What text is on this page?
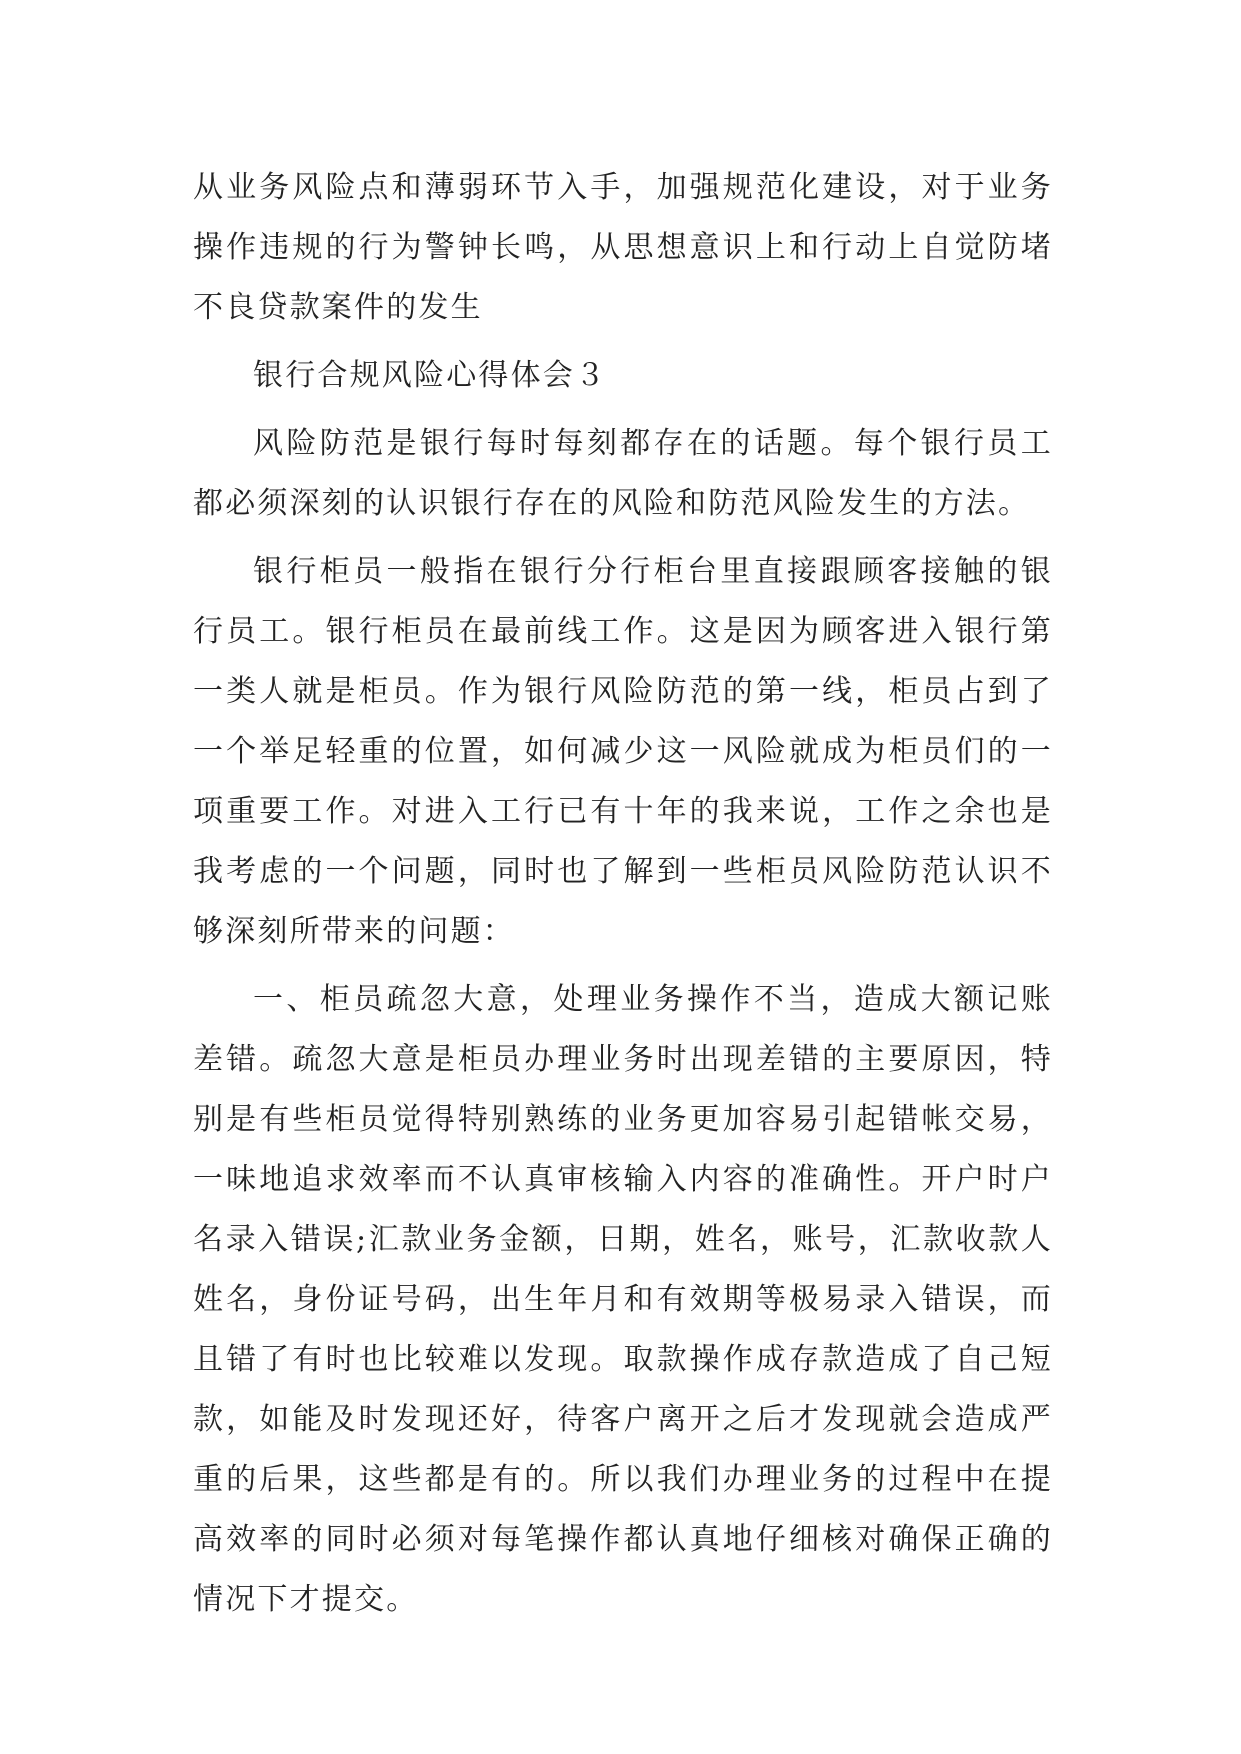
从业务风险点和薄弱环节入手，加强规范化建设，对于业务操作违规的行为警钟长鸣，从思想意识上和行动上自觉防堵不良贷款案件的发生

银行合规风险心得体会３

风险防范是银行每时每刻都存在的话题。每个银行员工都必须深刻的认识银行存在的风险和防范风险发生的方法。

银行柜员一般指在银行分行柜台里直接跟顾客接触的银行员工。银行柜员在最前线工作。这是因为顾客进入银行第一类人就是柜员。作为银行风险防范的第一线，柜员占到了一个举足轻重的位置，如何减少这一风险就成为柜员们的一项重要工作。对进入工行已有十年的我来说，工作之余也是我考虑的一个问题，同时也了解到一些柜员风险防范认识不够深刻所带来的问题：

一、柜员疏忽大意，处理业务操作不当，造成大额记账差错。疏忽大意是柜员办理业务时出现差错的主要原因，特别是有些柜员觉得特别熟练的业务更加容易引起错帐交易，一味地追求效率而不认真审核输入内容的准确性。开户时户名录入错误;汇款业务金额，日期，姓名，账号，汇款收款人姓名，身份证号码，出生年月和有效期等极易录入错误，而且错了有时也比较难以发现。取款操作成存款造成了自己短款，如能及时发现还好，待客户离开之后才发现就会造成严重的后果，这些都是有的。所以我们办理业务的过程中在提高效率的同时必须对每笔操作都认真地仔细核对确保正确的情况下才提交。
